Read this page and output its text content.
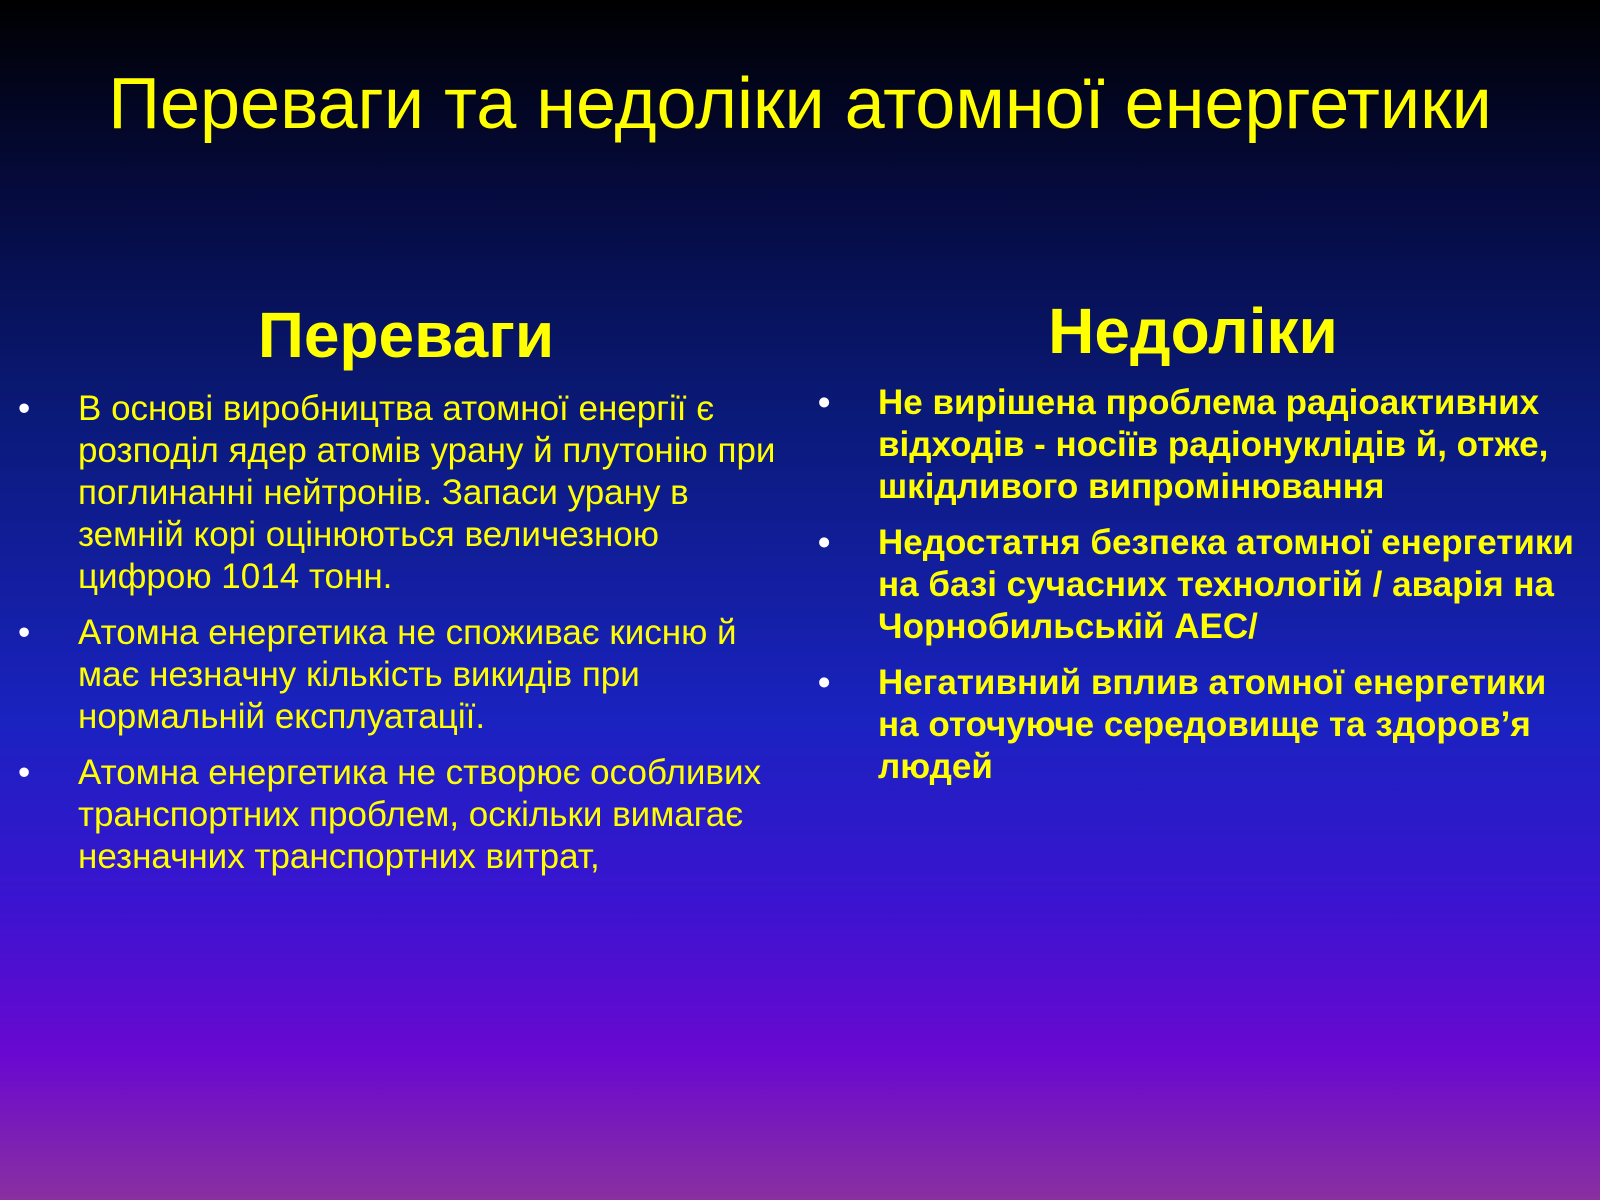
Переваги та недоліки атомної енергетики
Переваги
• В основі виробництва атомної енергії є розподіл ядер атомів урану й плутонію при поглинанні нейтронів. Запаси урану в земній корі оцінюються величезною цифрою 1014 тонн.
• Атомна енергетика не споживає кисню й має незначну кількість викидів при нормальній експлуатації.
• Атомна енергетика не створює особливих транспортних проблем, оскільки вимагає незначних транспортних витрат,
Недоліки
• Не вирішена проблема радіоактивних відходів - носіїв радіонуклідів й, отже, шкідливого випромінювання
• Недостатня безпека атомної енергетики на базі сучасних технологій / аварія на Чорнобильській АЕС/
• Негативний вплив атомної енергетики на оточуюче середовище та здоров’я людей
